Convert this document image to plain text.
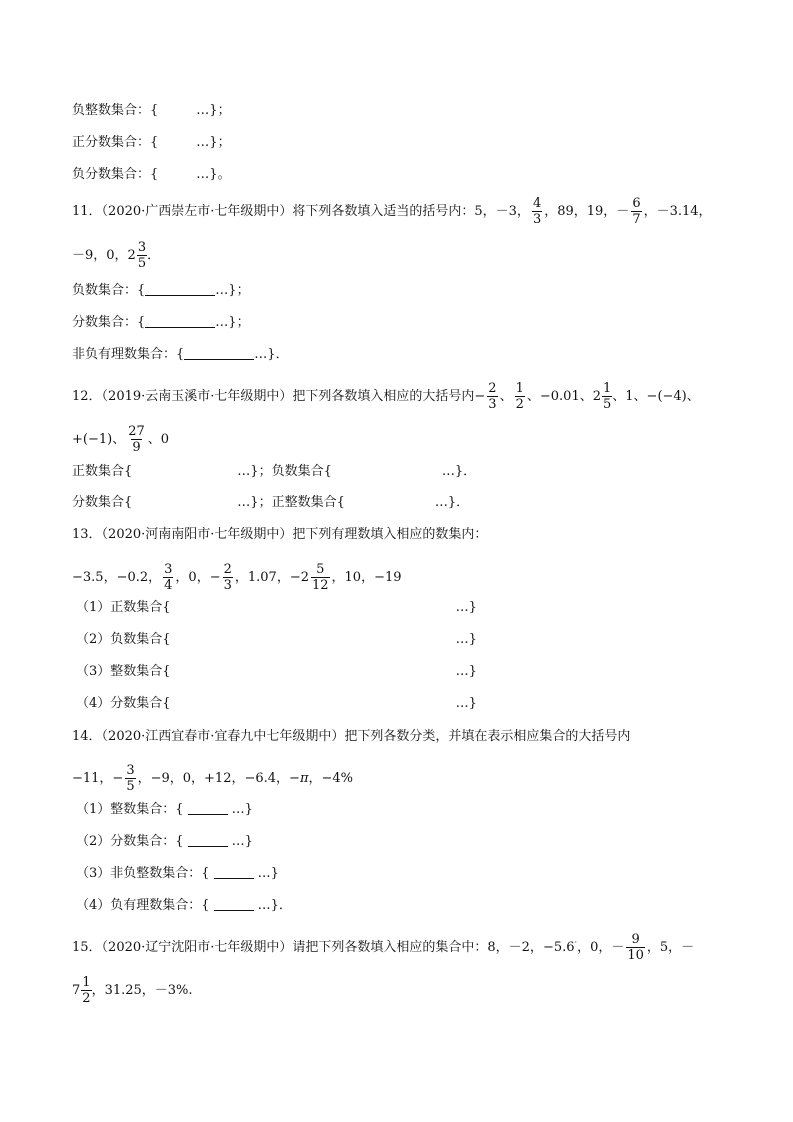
负整数集合：{	…}；
正分数集合：{	…}；
负分数集合：{	…}。
11．（2020·广西崇左市·七年级期中）将下列各数填入适当的括号内：5，－3， $\frac{4}{3}$ ，89，19，－ $\frac{6}{7}$ ，－3.14，
－9，0， $2 \frac{3}{5}$ ．
负数集合：{	…}；
分数集合：{	…}；
非负有理数集合：{	…}．
12．（2019·云南玉溪市·七年级期中）把下列各数填入相应的大括号内− $\frac{2}{3}$ 、 $\frac{1}{2}$ 、−0.01、 $2 \frac{1}{5}$ 、1、−(−4)、
+(−1)、 $\frac{27}{9}$ 、0
正数集合{	…}；负数集合{	…}．
分数集合{	…}；正整数集合{	…}．
13．（2020·河南南阳市·七年级期中）把下列有理数填入相应的数集内：
−3.5，−0.2， $\frac{3}{4}$ ，0，− $\frac{2}{3}$ ，1.07，$-2 \frac{5}{12}$ ，10，−19
（1）正数集合{	…}
（2）负数集合{	…}
（3）整数集合{	…}
（4）分数集合{	…}
14．（2020·江西宜春市·宜春九中七年级期中）把下列各数分类，并填在表示相应集合的大括号内
−11，− $\frac{3}{5}$ ，−9，0，+12，−6.4，−π，−4%
（1）整数集合：{	…}
（2）分数集合：{	…}
（3）非负整数集合：{	…}
（4）负有理数集合：{	…}．
15．（2020·辽宁沈阳市·七年级期中）请把下列各数填入相应的集合中：8，－2，−5.6·，0，－ $\frac{9}{10}$ ，5，－
$7 \frac{1}{2}$ ，31.25，－3%.
